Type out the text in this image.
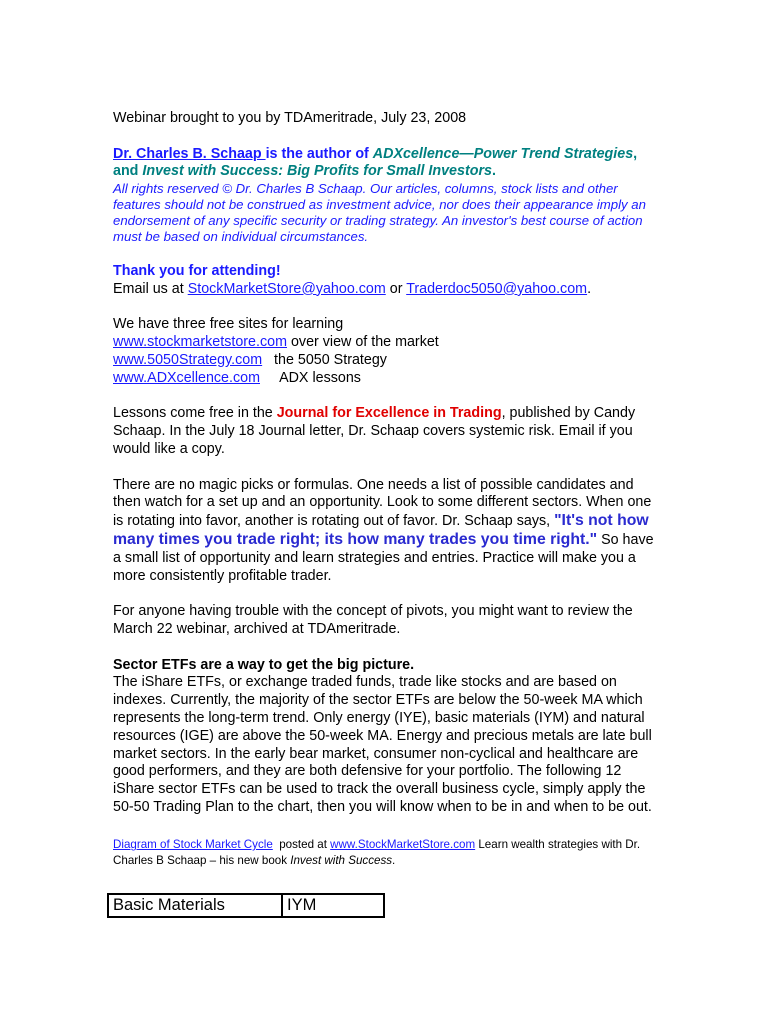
Webinar brought to you by TDAmeritrade, July 23, 2008

Dr. Charles B. Schaap is the author of ADXcellence—Power Trend Strategies, and Invest with Success: Big Profits for Small Investors.

All rights reserved © Dr. Charles B Schaap. Our articles, columns, stock lists and other features should not be construed as investment advice, nor does their appearance imply an endorsement of any specific security or trading strategy. An investor's best course of action must be based on individual circumstances.

Thank you for attending!

Email us at StockMarketStore@yahoo.com or Traderdoc5050@yahoo.com.

We have three free sites for learning

www.stockmarketstore.com over view of the market

www.5050Strategy.com   the 5050 Strategy

www.ADXcellence.com     ADX lessons

Lessons come free in the Journal for Excellence in Trading, published by Candy Schaap. In the July 18 Journal letter, Dr. Schaap covers systemic risk. Email if you would like a copy.

There are no magic picks or formulas. One needs a list of possible candidates and then watch for a set up and an opportunity. Look to some different sectors. When one is rotating into favor, another is rotating out of favor. Dr. Schaap says, "It's not how many times you trade right; its how many trades you time right." So have a small list of opportunity and learn strategies and entries. Practice will make you a more consistently profitable trader.

For anyone having trouble with the concept of pivots, you might want to review the March 22 webinar, archived at TDAmeritrade.

Sector ETFs are a way to get the big picture.

The iShare ETFs, or exchange traded funds, trade like stocks and are based on indexes. Currently, the majority of the sector ETFs are below the 50-week MA which represents the long-term trend. Only energy (IYE), basic materials (IYM) and natural resources (IGE) are above the 50-week MA. Energy and precious metals are late bull market sectors. In the early bear market, consumer non-cyclical and healthcare are good performers, and they are both defensive for your portfolio. The following 12 iShare sector ETFs can be used to track the overall business cycle, simply apply the 50-50 Trading Plan to the chart, then you will know when to be in and when to be out.

Diagram of Stock Market Cycle  posted at www.StockMarketStore.com Learn wealth strategies with Dr. Charles B Schaap – his new book Invest with Success.

Basic Materials	IYM
